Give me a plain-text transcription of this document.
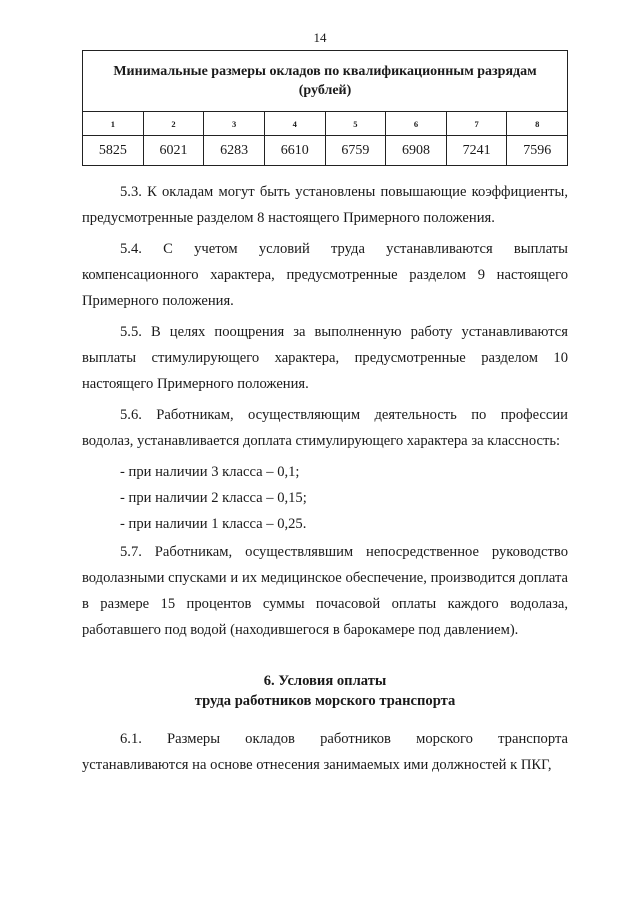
14
Минимальные размеры окладов по квалификационным разрядам (рублей)							
1	2	3	4	5	6	7	8
5825	6021	6283	6610	6759	6908	7241	7596

5.3. К окладам могут быть установлены повышающие коэффициенты, предусмотренные разделом 8 настоящего Примерного положения.

5.4. С учетом условий труда устанавливаются выплаты компенсационного характера, предусмотренные разделом 9 настоящего Примерного положения.

5.5. В целях поощрения за выполненную работу устанавливаются выплаты стимулирующего характера, предусмотренные разделом 10 настоящего Примерного положения.

5.6. Работникам, осуществляющим деятельность по профессии водолаз, устанавливается доплата стимулирующего характера за классность:

- при наличии 3 класса – 0,1;
- при наличии 2 класса – 0,15;
- при наличии 1 класса – 0,25.

5.7. Работникам, осуществлявшим непосредственное руководство водолазными спусками и их медицинское обеспечение, производится доплата в размере 15 процентов суммы почасовой оплаты каждого водолаза, работавшего под водой (находившегося в барокамере под давлением).

6. Условия оплаты
труда работников морского транспорта

6.1. Размеры окладов работников морского транспорта устанавливаются на основе отнесения занимаемых ими должностей к ПКГ,
